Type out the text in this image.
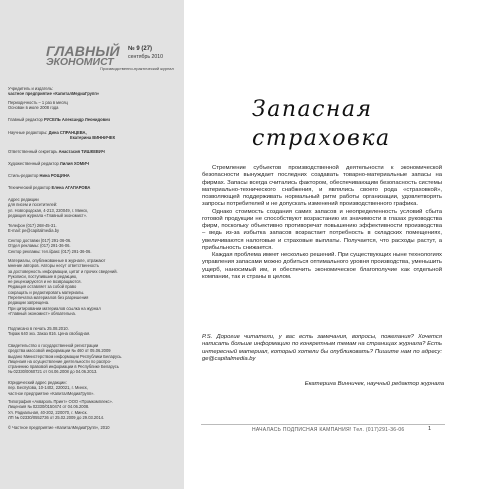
ГЛАВНЫЙ
ЭКОНОМИСТ
№ 9 (27)
сентябрь 2010
Производственно-практический журнал
Учредитель и издатель:
частное предприятие «КапиталМедиаГрупп»
Периодичность – 1 раз в месяц
Основан в июле 2008 года
Главный редактор РУСЕЛЬ Александр Леонидович
Научные редакторы: Дина СПРАНЦЕВА,
Екатерина ВИННИЧЕК
Ответственный секретарь Анастасия ТИШКЕВИЧ
Художественный редактор Лилия ХОМИЧ
Стиль-редактор Нина РОЩИНА
Технический редактор Елена АГАПАРОВА
Адрес редакции
для писем и посетителей:
ул. Новгородская, 4-213, 220049, г. Минск,
редакция журнала «Главный экономист».
Телефон (017) 268-45-31.
E-mail: pe@capitalmedia.by
Сектор доставки (017) 291-36-06.
Отдел рекламы: (017) 291-36-06.
Сектор рекламы: тел./факс (017) 291-36-06.
Материалы, опубликованные в журнале, отражают
мнение авторов. Авторы несут ответственность
за достоверность информации, цитат и прочих сведений.
Рукописи, поступившие в редакцию,
не рецензируются и не возвращаются.
Редакция оставляет за собой право
сокращать и редактировать материалы.
Перепечатка материалов без разрешения
редакции запрещена.
При цитировании материалов ссылка на журнал
«Главный экономист» обязательна.
Подписано в печать 25.08.2010.
Тираж 640 экз. Заказ 816. Цена свободная.
Свидетельство о государственной регистрации
средства массовой информации № 460 от 05.06.2009
выдано Министерством информации Республики Беларусь.
Лицензия на осуществление деятельности по распро-
странению правовой информации в Республике Беларусь
№ 02330/0060721 от 04.06.2008 до 04.06.2013.
Юридический адрес редакции:
пер. Беспуtова, 10-1402, 220021, г. Минск,
частное предприятие «КапиталМедиаГрупп».
Типография «Аквароль Принт» ООО «Промкомплекс».
Лицензия № 02330/0150474 от 04.06.2008.
Ул. Радиальная, 40-202, 220070, г. Минск.
ЛП № 02330/0552736 от 25.02.2009 до 29.03.2014.
© Частное предприятие «КапиталМедиаГрупп», 2010
Запасная
страховка

Стремление субъектов производственной деятельности к экономической безопасности вынуждает последних создавать товарно-материальные запасы на фирмах. Запасы всегда считались фактором, обеспечивающим безопасность системы материально-технического снабжения, и являлись своего рода «страховкой», позволяющей поддерживать нормальный ритм работы организации, удовлетворять запросы потребителей и не допускать изменений производственного графика.

Однако стоимость создания самих запасов и неопределенность условий сбыта готовой продукции не способствуют возрастанию их значимости в глазах руководства фирм, поскольку объективно противоречат повышению эффективности производства – ведь из-за избытка запасов возрастает потребность в складских помещениях, увеличиваются налоговые и страховые выплаты. Получается, что расходы растут, а прибыльность снижается.

Каждая проблема имеет несколько решений. При существующих ныне технологиях управления запасами можно добиться оптимального уровня производства, уменьшить ущерб, наносимый им, и обеспечить экономическое благополучие как отдельной компании, так и страны в целом.

P.S. Дорогие читатели, у вас есть замечания, вопросы, пожелания? Хочется написать больше информацию по конкретным темам на страницах журнала? Есть интересный материал, который хотели бы опубликовать? Пишите нам по адресу: ge@capitalmedia.by
Екатерина Винничек, научный редактор журнала
НАЧАЛАСЬ ПОДПИСНАЯ КАМПАНИЯ! Тел. (017)291-36-06	1
